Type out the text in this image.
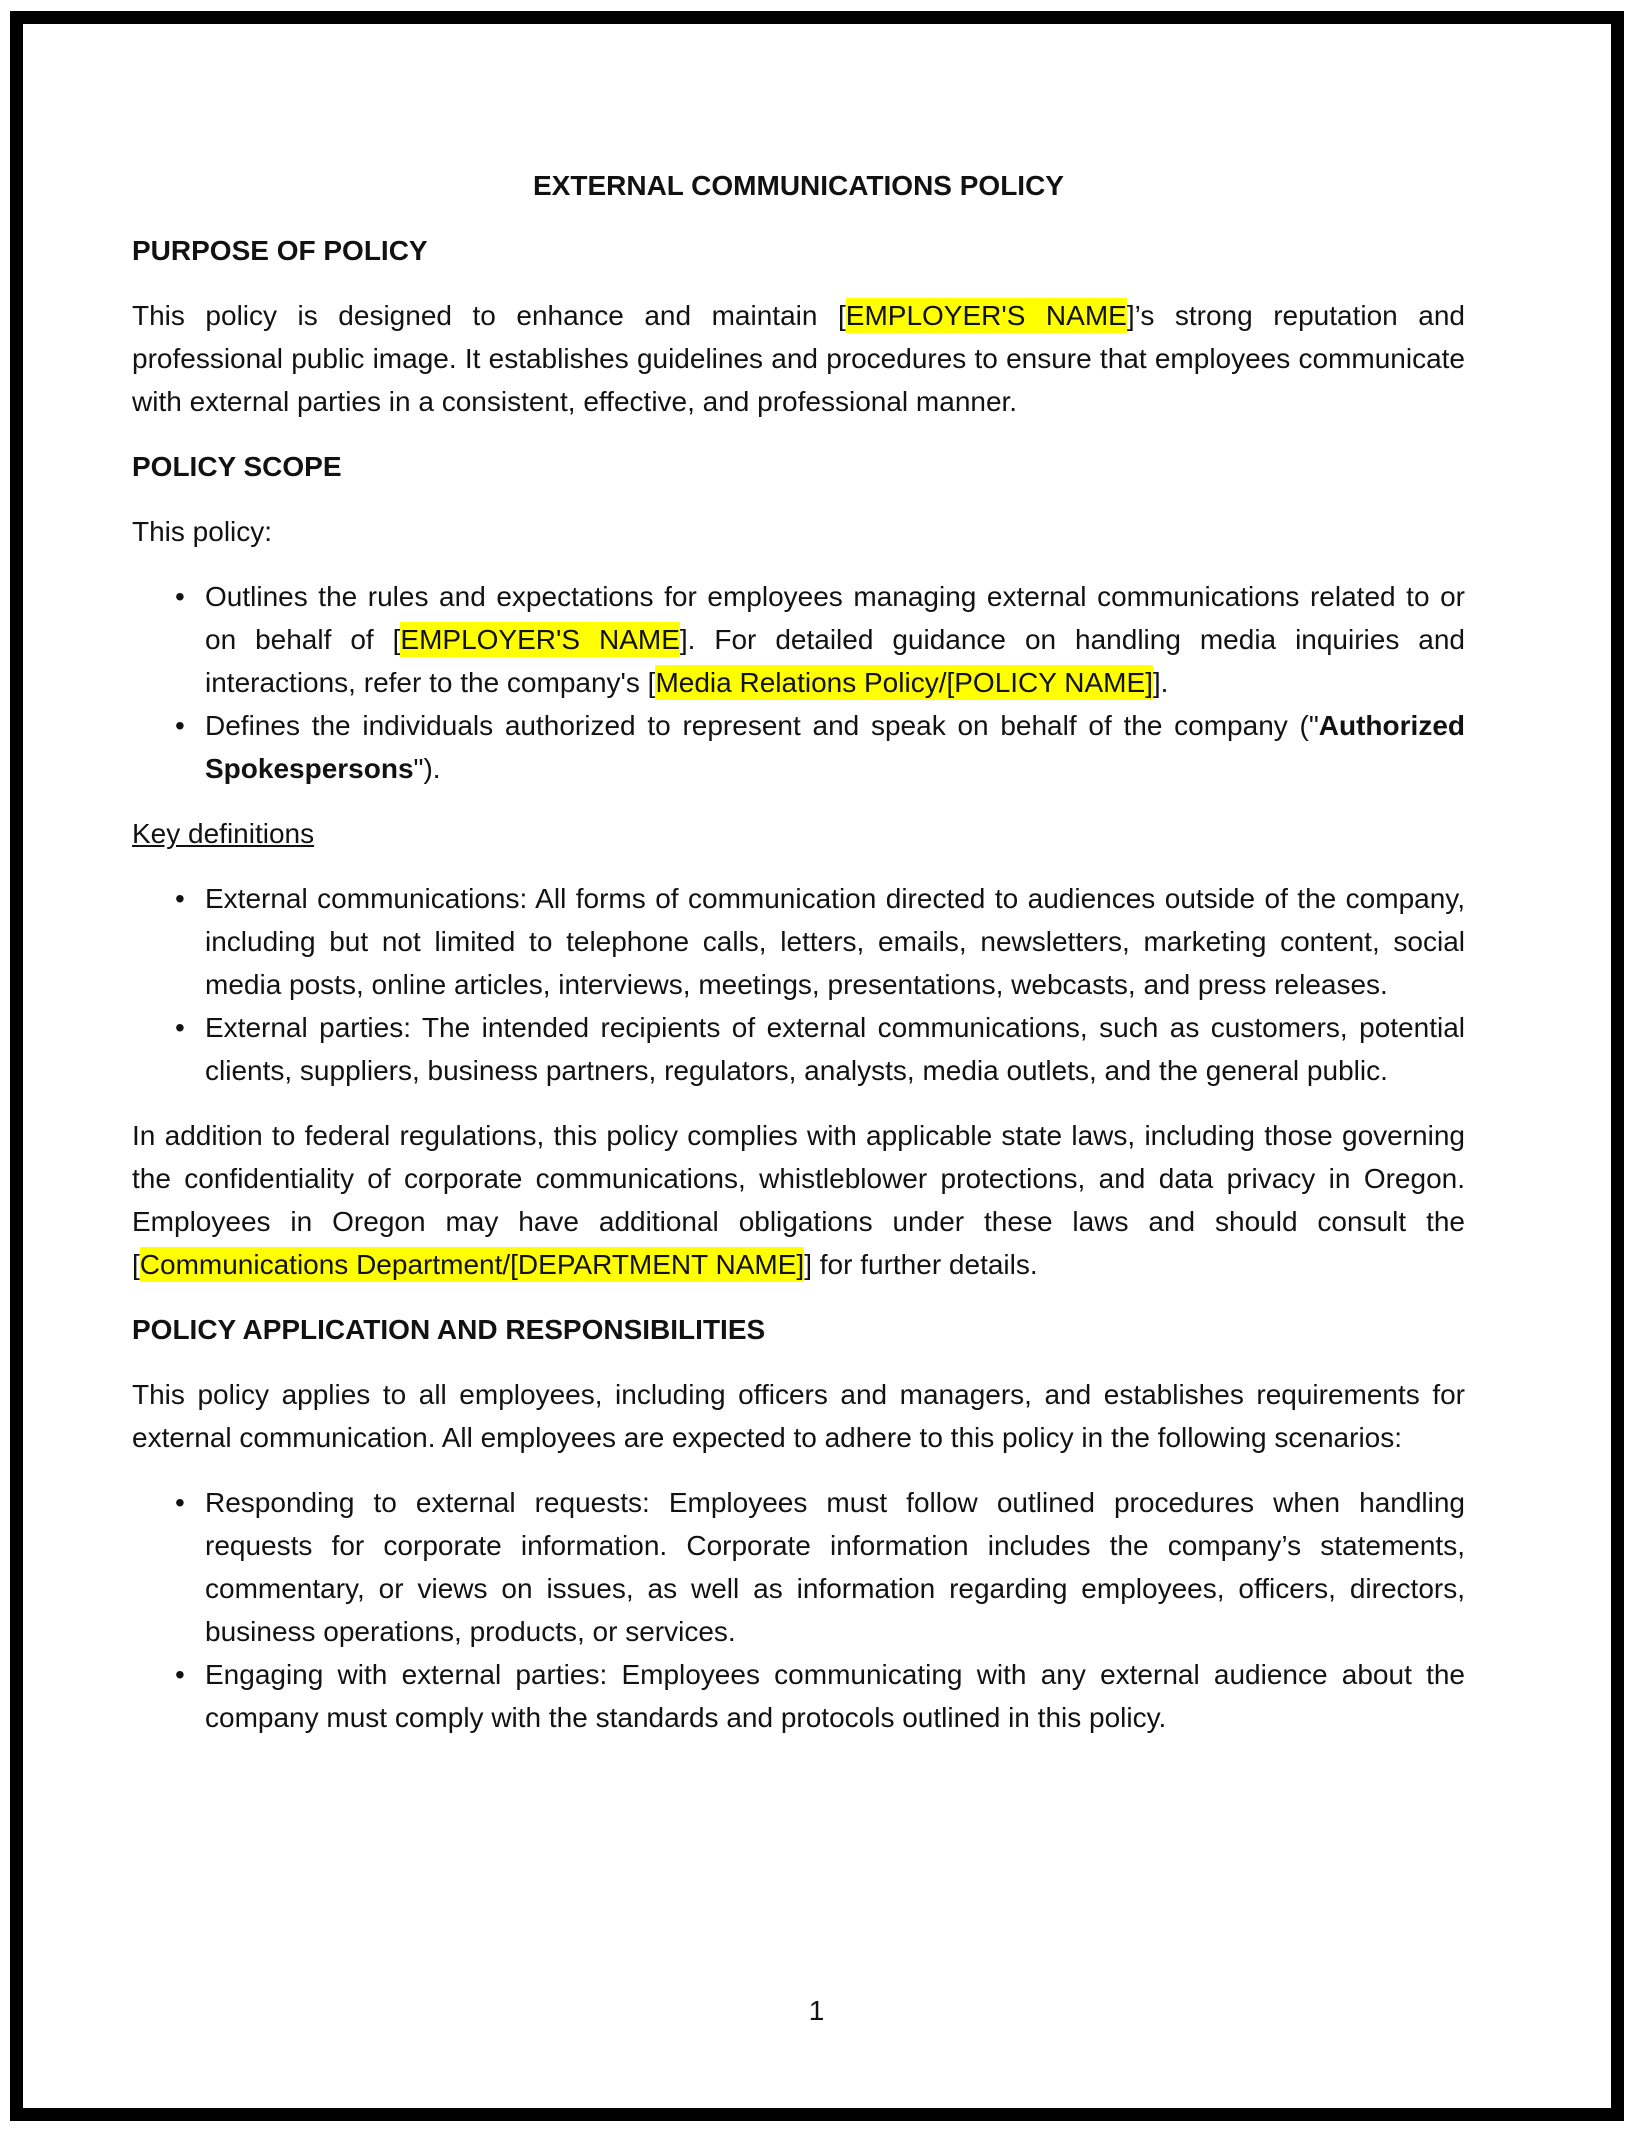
EXTERNAL COMMUNICATIONS POLICY
PURPOSE OF POLICY

This policy is designed to enhance and maintain [EMPLOYER'S NAME]’s strong reputation and professional public image. It establishes guidelines and procedures to ensure that employees communicate with external parties in a consistent, effective, and professional manner.

POLICY SCOPE

This policy:

• Outlines the rules and expectations for employees managing external communications related to or on behalf of [EMPLOYER'S NAME]. For detailed guidance on handling media inquiries and interactions, refer to the company's [Media Relations Policy/[POLICY NAME]].
• Defines the individuals authorized to represent and speak on behalf of the company ("Authorized Spokespersons").
Key definitions
• External communications: All forms of communication directed to audiences outside of the company, including but not limited to telephone calls, letters, emails, newsletters, marketing content, social media posts, online articles, interviews, meetings, presentations, webcasts, and press releases.
• External parties: The intended recipients of external communications, such as customers, potential clients, suppliers, business partners, regulators, analysts, media outlets, and the general public.

In addition to federal regulations, this policy complies with applicable state laws, including those governing the confidentiality of corporate communications, whistleblower protections, and data privacy in Oregon. Employees in Oregon may have additional obligations under these laws and should consult the [Communications Department/[DEPARTMENT NAME]] for further details.

POLICY APPLICATION AND RESPONSIBILITIES

This policy applies to all employees, including officers and managers, and establishes requirements for external communication. All employees are expected to adhere to this policy in the following scenarios:

• Responding to external requests: Employees must follow outlined procedures when handling requests for corporate information. Corporate information includes the company’s statements, commentary, or views on issues, as well as information regarding employees, officers, directors, business operations, products, or services.
• Engaging with external parties: Employees communicating with any external audience about the company must comply with the standards and protocols outlined in this policy.
1
